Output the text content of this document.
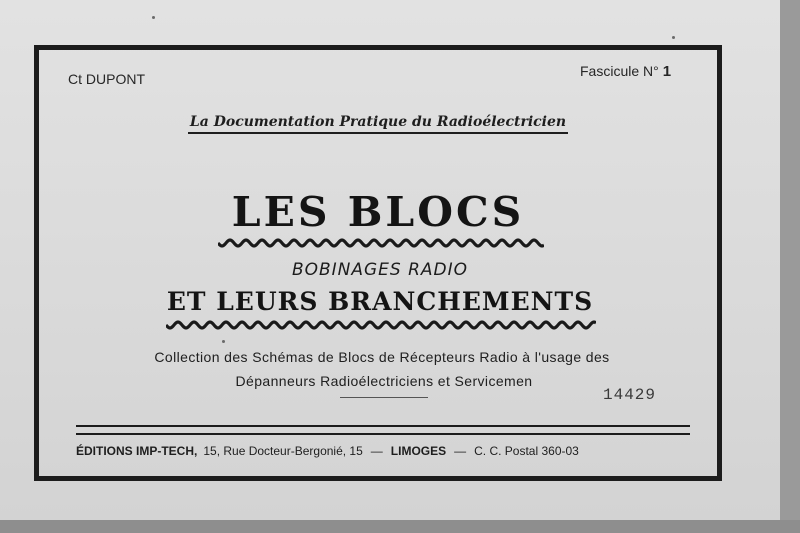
Ct DUPONT	Fascicule N° 1
La Documentation Pratique du Radioélectricien
LES BLOCS
BOBINAGES RADIO
ET LEURS BRANCHEMENTS
Collection des Schémas de Blocs de Récepteurs Radio à l'usage des
Dépanneurs Radioélectriciens et Servicemen
14429
ÉDITIONS IMP-TECH, 15, Rue Docteur-Bergonié, 15 — LIMOGES — C. C. Postal 360-03
